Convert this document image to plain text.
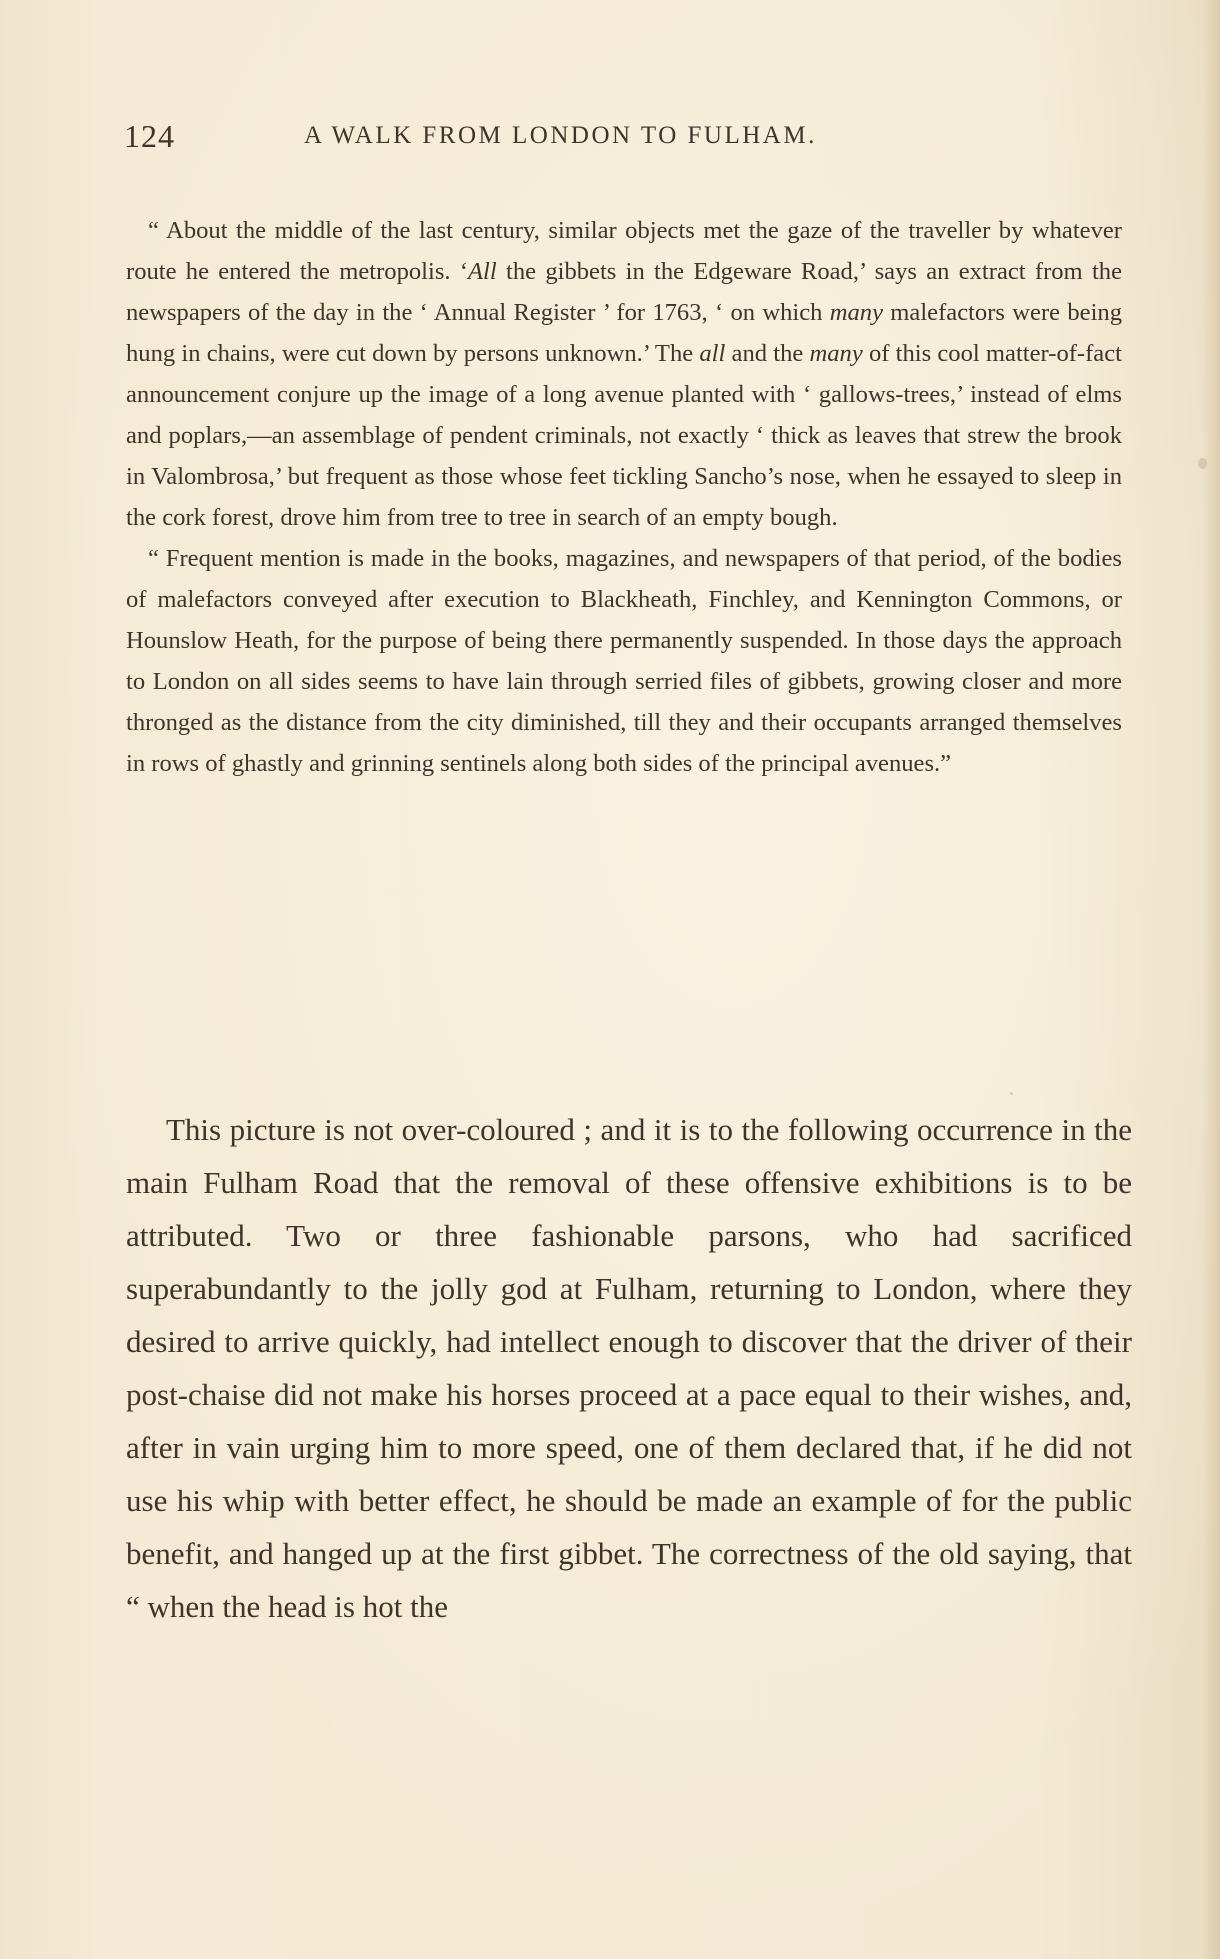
124	A WALK FROM LONDON TO FULHAM.

“ About the middle of the last century, similar objects met the gaze of the traveller by whatever route he entered the metropolis. ‘All the gibbets in the Edgeware Road,’ says an extract from the newspapers of the day in the ‘ Annual Register ’ for 1763, ‘ on which many malefactors were being hung in chains, were cut down by persons unknown.’ The all and the many of this cool matter-of-fact announcement conjure up the image of a long avenue planted with ‘ gallows-trees,’ instead of elms and poplars,—an assemblage of pendent criminals, not exactly ‘ thick as leaves that strew the brook in Valombrosa,’ but frequent as those whose feet tickling Sancho’s nose, when he essayed to sleep in the cork forest, drove him from tree to tree in search of an empty bough.

“ Frequent mention is made in the books, magazines, and newspapers of that period, of the bodies of malefactors conveyed after execution to Blackheath, Finchley, and Kennington Commons, or Hounslow Heath, for the purpose of being there permanently suspended. In those days the approach to London on all sides seems to have lain through serried files of gibbets, growing closer and more thronged as the distance from the city diminished, till they and their occupants arranged themselves in rows of ghastly and grinning sentinels along both sides of the principal avenues.”

This picture is not over-coloured ; and it is to the following occurrence in the main Fulham Road that the removal of these offensive exhibitions is to be attributed. Two or three fashionable parsons, who had sacrificed superabundantly to the jolly god at Fulham, returning to London, where they desired to arrive quickly, had intellect enough to discover that the driver of their post-chaise did not make his horses proceed at a pace equal to their wishes, and, after in vain urging him to more speed, one of them declared that, if he did not use his whip with better effect, he should be made an example of for the public benefit, and hanged up at the first gibbet. The correctness of the old saying, that “ when the head is hot the
